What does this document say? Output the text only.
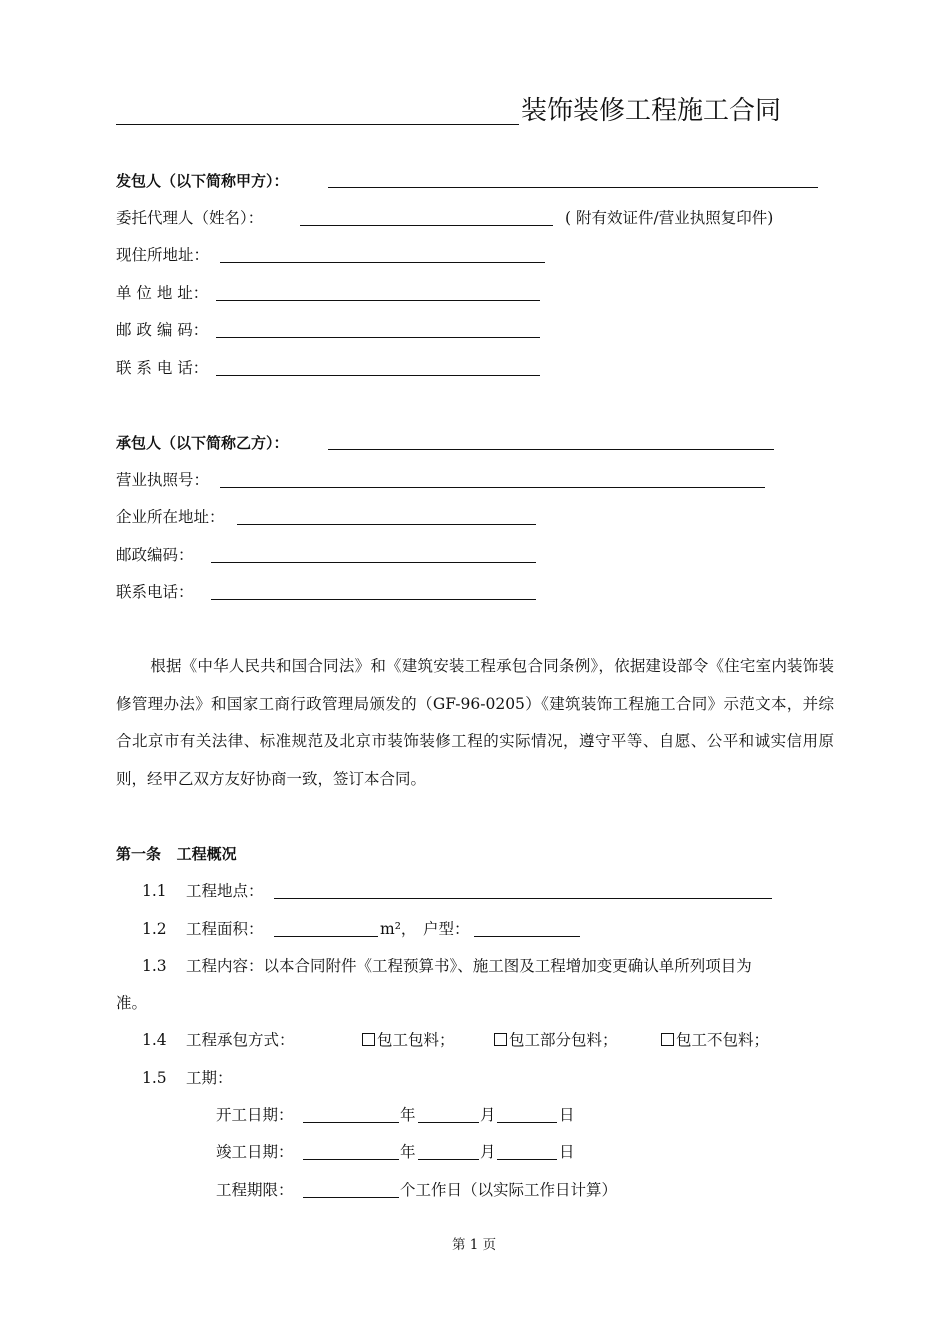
装饰装修工程施工合同
发包人（以下简称甲方）：
委托代理人（姓名）：	( 附有效证件/营业执照复印件)
现住所地址：
单 位 地 址：
邮 政 编 码：
联 系 电 话：
承包人（以下简称乙方）：
营业执照号：
企业所在地址：
邮政编码：
联系电话：
根据《中华人民共和国合同法》和《建筑安装工程承包合同条例》，依据建设部令《住宅室内装饰装修管理办法》和国家工商行政管理局颁发的（GF-96-0205）《建筑装饰工程施工合同》示范文本，并综合北京市有关法律、标准规范及北京市装饰装修工程的实际情况，遵守平等、自愿、公平和诚实信用原则，经甲乙双方友好协商一致，签订本合同。
第一条   工程概况
1.1 工程地点：
1.2 工程面积：	m²， 户型：
1.3 工程内容：以本合同附件《工程预算书》、施工图及工程增加变更确认单所列项目为
准。
1.4 工程承包方式：	包工包料；	包工部分包料；	包工不包料；
1.5 工期：
开工日期：	年	月	日
竣工日期：	年	月	日
工程期限：	个工作日（以实际工作日计算）
第 1 页
